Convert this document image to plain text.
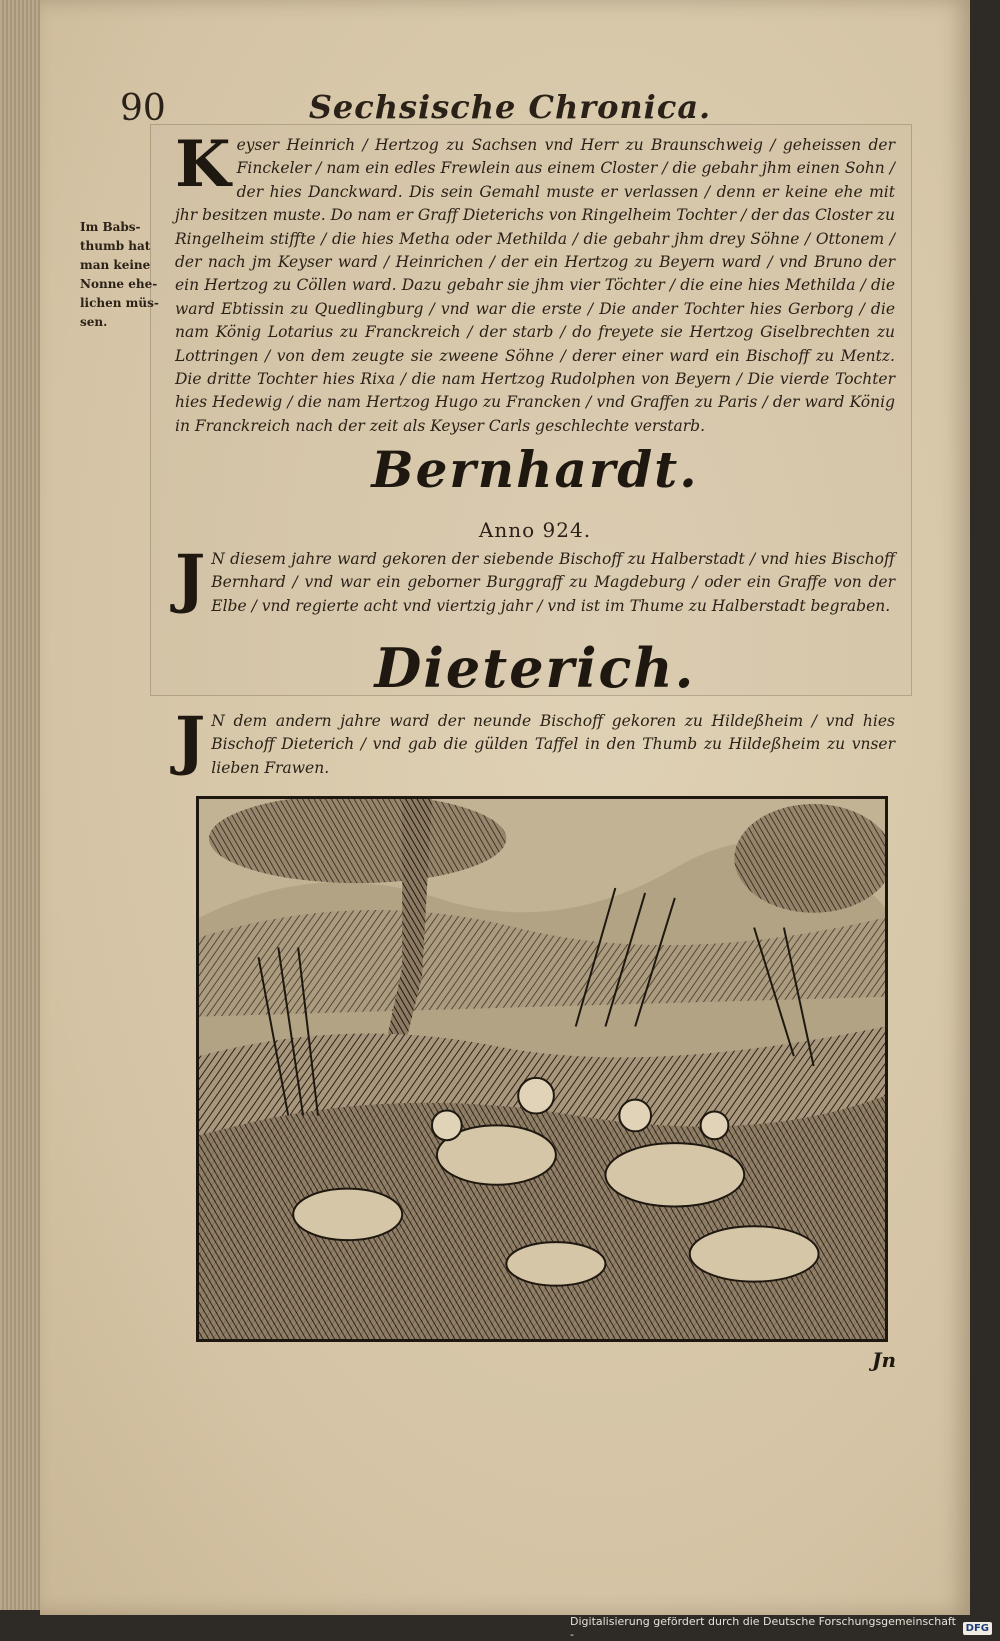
90	Sechsische Chronica.
Im Babs-
thumb hat
man keine
Nonne ehe-
lichen müs-
sen.

K eyser Heinrich / Hertzog zu Sachsen vnd Herr zu Braunschweig / geheissen der Finckeler / nam ein edles Frewlein aus einem Closter / die gebahr jhm einen Sohn / der hies Danckward. Dis sein Gemahl muste er verlassen / denn er keine ehe mit jhr besitzen muste. Do nam er Graff Dieterichs von Ringelheim Tochter / der das Closter zu Ringelheim stiffte / die hies Metha oder Methilda / die gebahr jhm drey Söhne / Ottonem / der nach jm Keyser ward / Heinrichen / der ein Hertzog zu Beyern ward / vnd Bruno der ein Hertzog zu Cöllen ward. Dazu gebahr sie jhm vier Töchter / die eine hies Methilda / die ward Ebtissin zu Quedlingburg / vnd war die erste / Die ander Tochter hies Gerborg / die nam König Lotarius zu Franckreich / der starb / do freyete sie Hertzog Giselbrechten zu Lottringen / von dem zeugte sie zweene Söhne / derer einer ward ein Bischoff zu Mentz. Die dritte Tochter hies Rixa / die nam Hertzog Rudolphen von Beyern / Die vierde Tochter hies Hedewig / die nam Hertzog Hugo zu Francken / vnd Graffen zu Paris / der ward König in Franckreich nach der zeit als Keyser Carls geschlechte verstarb.

Bernhardt.
Anno 924.

J N diesem jahre ward gekoren der siebende Bischoff zu Halberstadt / vnd hies Bischoff Bernhard / vnd war ein geborner Burggraff zu Magdeburg / oder ein Graffe von der Elbe / vnd regierte acht vnd viertzig jahr / vnd ist im Thume zu Halberstadt begraben.

Dieterich.

J N dem andern jahre ward der neunde Bischoff gekoren zu Hildeßheim / vnd hies Bischoff Dieterich / vnd gab die gülden Taffel in den Thumb zu Hildeßheim zu vnser lieben Frawen.

Jn
Digitalisierung gefördert durch die Deutsche Forschungsgemeinschaft -	DFG
